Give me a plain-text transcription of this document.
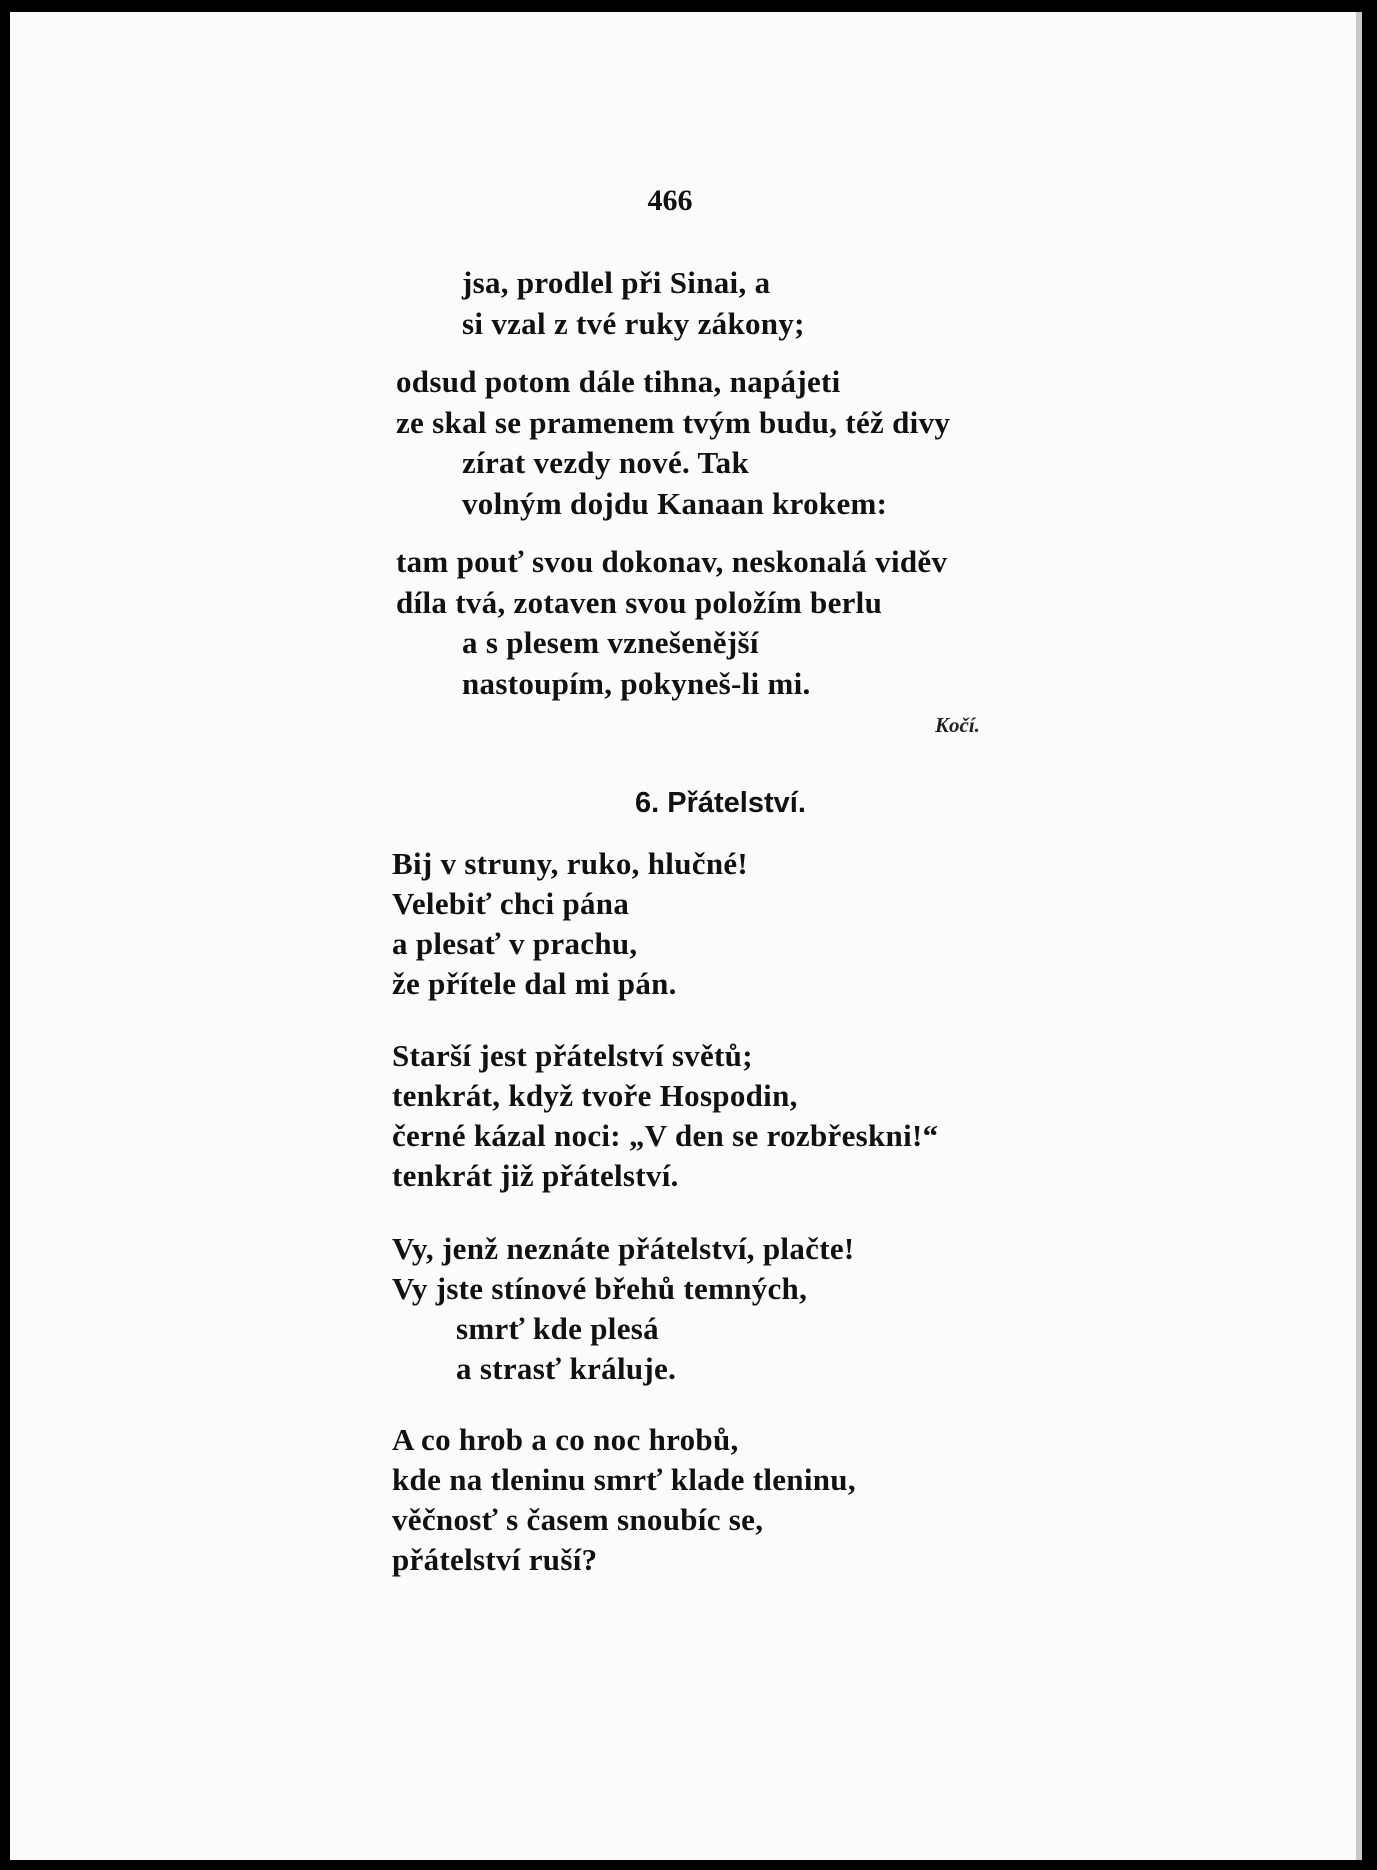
466
jsa, prodlel při Sinai, a
si vzal z tvé ruky zákony;
odsud potom dále tihna, napájeti
ze skal se pramenem tvým budu, též divy
zírat vezdy nové. Tak
volným dojdu Kanaan krokem:
tam pouť svou dokonav, neskonalá viděv
díla tvá, zotaven svou položím berlu
a s plesem vznešenější
nastoupím, pokyneš-li mi.
Kočí.
6. Přátelství.
Bij v struny, ruko, hlučné!
Velebiť chci pána
a plesať v prachu,
že přítele dal mi pán.
Starší jest přátelství světů;
tenkrát, když tvoře Hospodin,
černé kázal noci: „V den se rozbřeskni!“
tenkrát již přátelství.
Vy, jenž neznáte přátelství, plačte!
Vy jste stínové břehů temných,
smrť kde plesá
a strasť králuje.
A co hrob a co noc hrobů,
kde na tleninu smrť klade tleninu,
věčnosť s časem snoubíc se,
přátelství ruší?
